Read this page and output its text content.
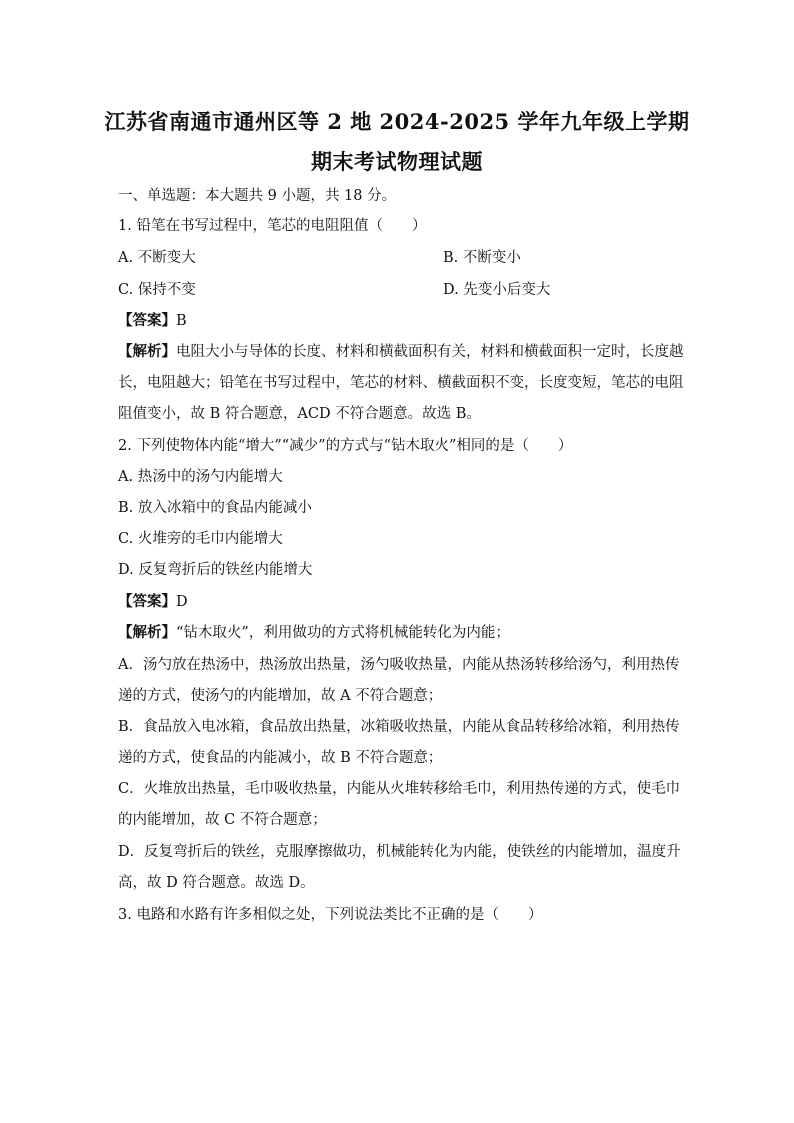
江苏省南通市通州区等 2 地 2024-2025 学年九年级上学期
期末考试物理试题
一、单选题：本大题共 9 小题，共 18 分。
1. 铅笔在书写过程中，笔芯的电阻阻值（　　）
A. 不断变大	B. 不断变小
C. 保持不变	D. 先变小后变大
【答案】B
【解析】电阻大小与导体的长度、材料和横截面积有关，材料和横截面积一定时，长度越
长，电阻越大；铅笔在书写过程中，笔芯的材料、横截面积不变，长度变短，笔芯的电阻
阻值变小，故 B 符合题意，ACD 不符合题意。故选 B。
2. 下列使物体内能“增大”“减少”的方式与“钻木取火”相同的是（　　）
A. 热汤中的汤勺内能增大
B. 放入冰箱中的食品内能减小
C. 火堆旁的毛巾内能增大
D. 反复弯折后的铁丝内能增大
【答案】D
【解析】“钻木取火”，利用做功的方式将机械能转化为内能；
A．汤勺放在热汤中，热汤放出热量，汤勺吸收热量，内能从热汤转移给汤勺，利用热传
递的方式，使汤勺的内能增加，故 A 不符合题意；
B．食品放入电冰箱，食品放出热量，冰箱吸收热量，内能从食品转移给冰箱，利用热传
递的方式，使食品的内能减小，故 B 不符合题意；
C．火堆放出热量，毛巾吸收热量，内能从火堆转移给毛巾，利用热传递的方式，使毛巾
的内能增加，故 C 不符合题意；
D．反复弯折后的铁丝，克服摩擦做功，机械能转化为内能，使铁丝的内能增加，温度升
高，故 D 符合题意。故选 D。
3. 电路和水路有许多相似之处，下列说法类比不正确的是（　　）
